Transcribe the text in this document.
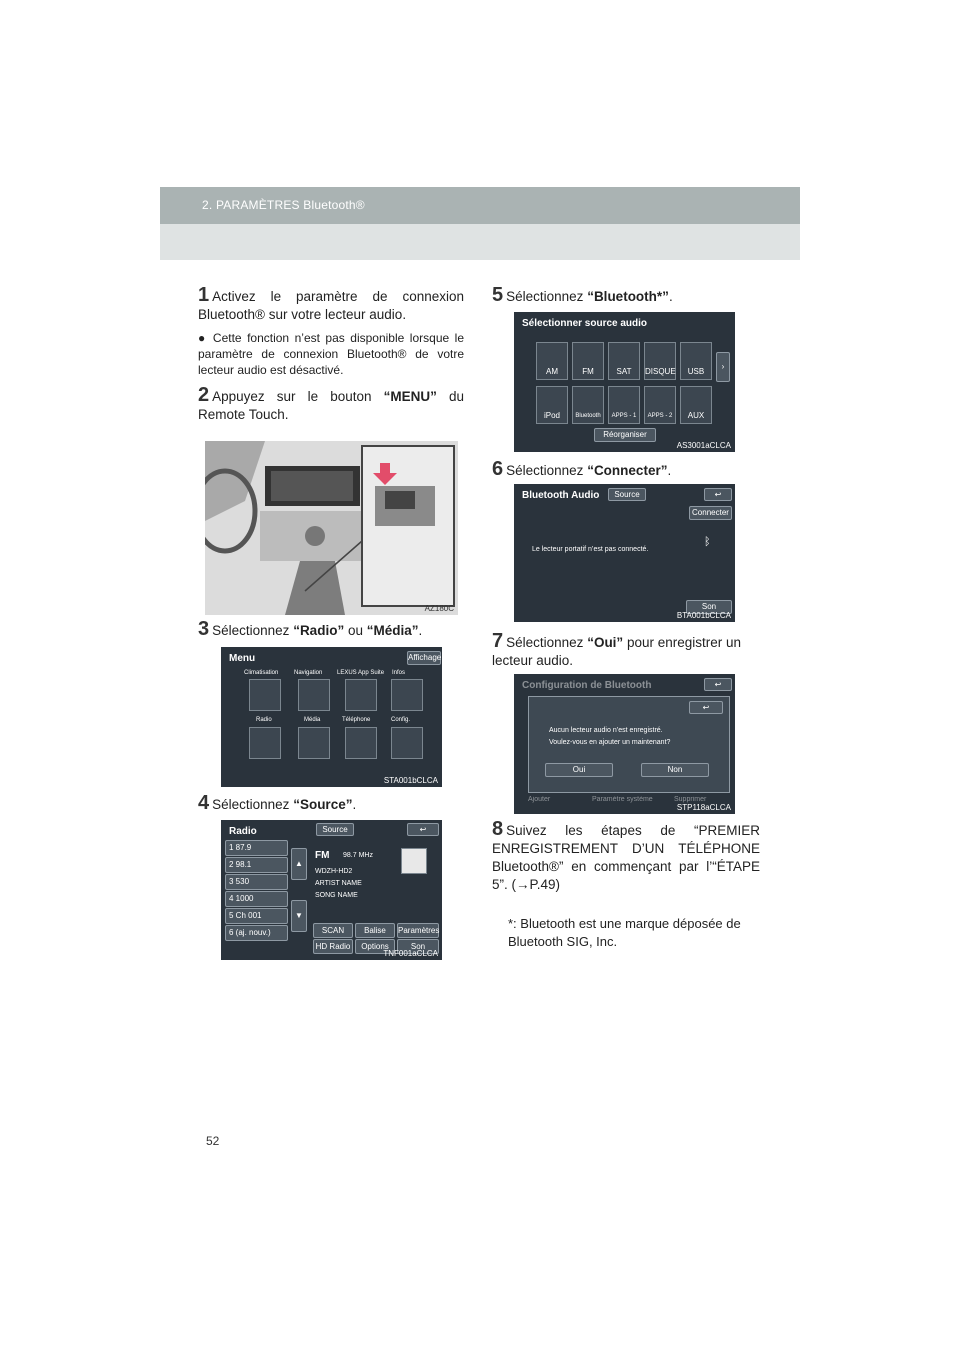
2. PARAMÈTRES Bluetooth®

1 Activez le paramètre de connexion Bluetooth® sur votre lecteur audio.

● Cette fonction n’est pas disponible lorsque le paramètre de connexion Bluetooth® de votre lecteur audio est désactivé.

2 Appuyez sur le bouton “MENU” du Remote Touch.

AZ180C

3 Sélectionnez “Radio” ou “Média”.

Menu	Affichage
Climatisation	Navigation LEXUS App Suite Infos
Radio	Média	Téléphone	Config.
STA001bCLCA

4 Sélectionnez “Source”.

Radio	Source	↩
1 87.9
2 98.1
3 530
4 1000
5 Ch 001
6 (aj. nouv.)
▲
▼
FM 98.7 MHz
WDZH-HD2
ARTIST NAME
SONG NAME
SCAN	Balise	Paramètres
HD Radio	Options	Son
TNF001aCLCA

5 Sélectionnez “Bluetooth*”.

Sélectionner source audio
AM	FM	SAT	DISQUE	USB
›
iPod	Bluetooth	APPS - 1	APPS - 2	AUX
Réorganiser
AS3001aCLCA

6 Sélectionnez “Connecter”.

Bluetooth Audio	Source	↩
Connecter
Le lecteur portatif n’est pas connecté.
ᛒ
Son
BTA001bCLCA

7 Sélectionnez “Oui” pour enregistrer un lecteur audio.

Configuration de Bluetooth	↩
↩
Aucun lecteur audio n’est enregistré.
Voulez-vous en ajouter un maintenant?
Oui	Non
Ajouter	Paramètre système	Supprimer
STP118aCLCA

8 Suivez les étapes de “PREMIER ENREGISTREMENT D’UN TÉLÉPHONE Bluetooth®” en commençant par l’“ÉTAPE 5”. (→P.49)

*: Bluetooth est une marque déposée de Bluetooth SIG, Inc.
52
